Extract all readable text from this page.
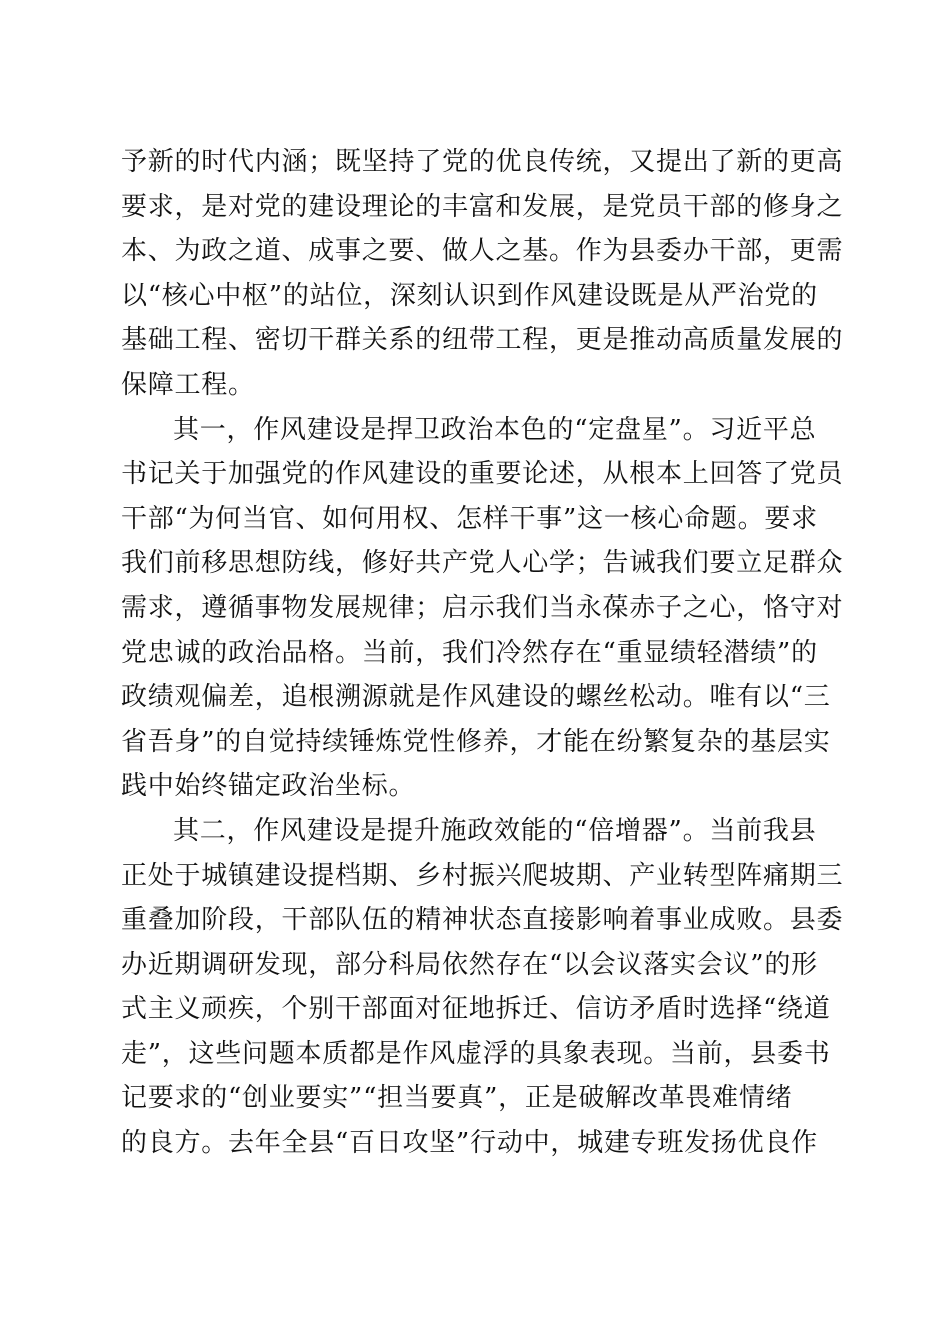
予新的时代内涵；既坚持了党的优良传统，又提出了新的更高
要求，是对党的建设理论的丰富和发展，是党员干部的修身之
本、为政之道、成事之要、做人之基。作为县委办干部，更需
以“核心中枢”的站位，深刻认识到作风建设既是从严治党的
基础工程、密切干群关系的纽带工程，更是推动高质量发展的
保障工程。

其一，作风建设是捍卫政治本色的“定盘星”。习近平总
书记关于加强党的作风建设的重要论述，从根本上回答了党员
干部“为何当官、如何用权、怎样干事”这一核心命题。要求
我们前移思想防线，修好共产党人心学；告诫我们要立足群众
需求，遵循事物发展规律；启示我们当永葆赤子之心，恪守对
党忠诚的政治品格。当前，我们冷然存在“重显绩轻潜绩”的
政绩观偏差，追根溯源就是作风建设的螺丝松动。唯有以“三
省吾身”的自觉持续锤炼党性修养，才能在纷繁复杂的基层实
践中始终锚定政治坐标。

其二，作风建设是提升施政效能的“倍增器”。当前我县
正处于城镇建设提档期、乡村振兴爬坡期、产业转型阵痛期三
重叠加阶段，干部队伍的精神状态直接影响着事业成败。县委
办近期调研发现，部分科局依然存在“以会议落实会议”的形
式主义顽疾，个别干部面对征地拆迁、信访矛盾时选择“绕道
走”，这些问题本质都是作风虚浮的具象表现。当前，县委书
记要求的“创业要实”“担当要真”，正是破解改革畏难情绪
的良方。去年全县“百日攻坚”行动中，城建专班发扬优良作
